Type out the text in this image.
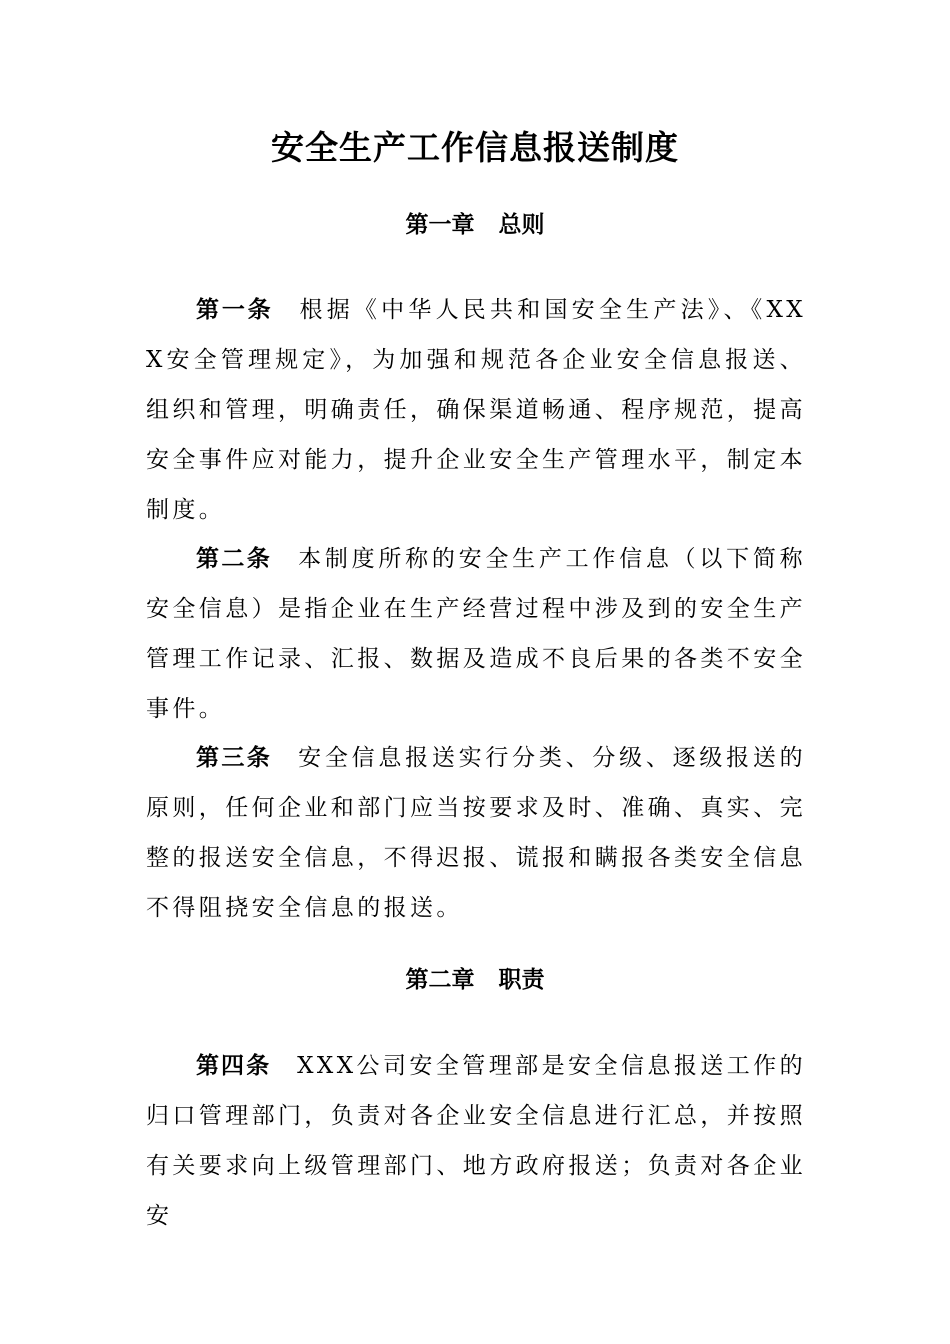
安全生产工作信息报送制度
第一章 总则
第一条 根据《中华人民共和国安全生产法》、《XXX安全管理规定》，为加强和规范各企业安全信息报送、组织和管理，明确责任，确保渠道畅通、程序规范，提高安全事件应对能力，提升企业安全生产管理水平，制定本制度。
第二条 本制度所称的安全生产工作信息（以下简称安全信息）是指企业在生产经营过程中涉及到的安全生产管理工作记录、汇报、数据及造成不良后果的各类不安全事件。
第三条 安全信息报送实行分类、分级、逐级报送的原则，任何企业和部门应当按要求及时、准确、真实、完整的报送安全信息，不得迟报、谎报和瞒报各类安全信息不得阻挠安全信息的报送。
第二章 职责
第四条 XXX公司安全管理部是安全信息报送工作的归口管理部门，负责对各企业安全信息进行汇总，并按照有关要求向上级管理部门、地方政府报送；负责对各企业安
